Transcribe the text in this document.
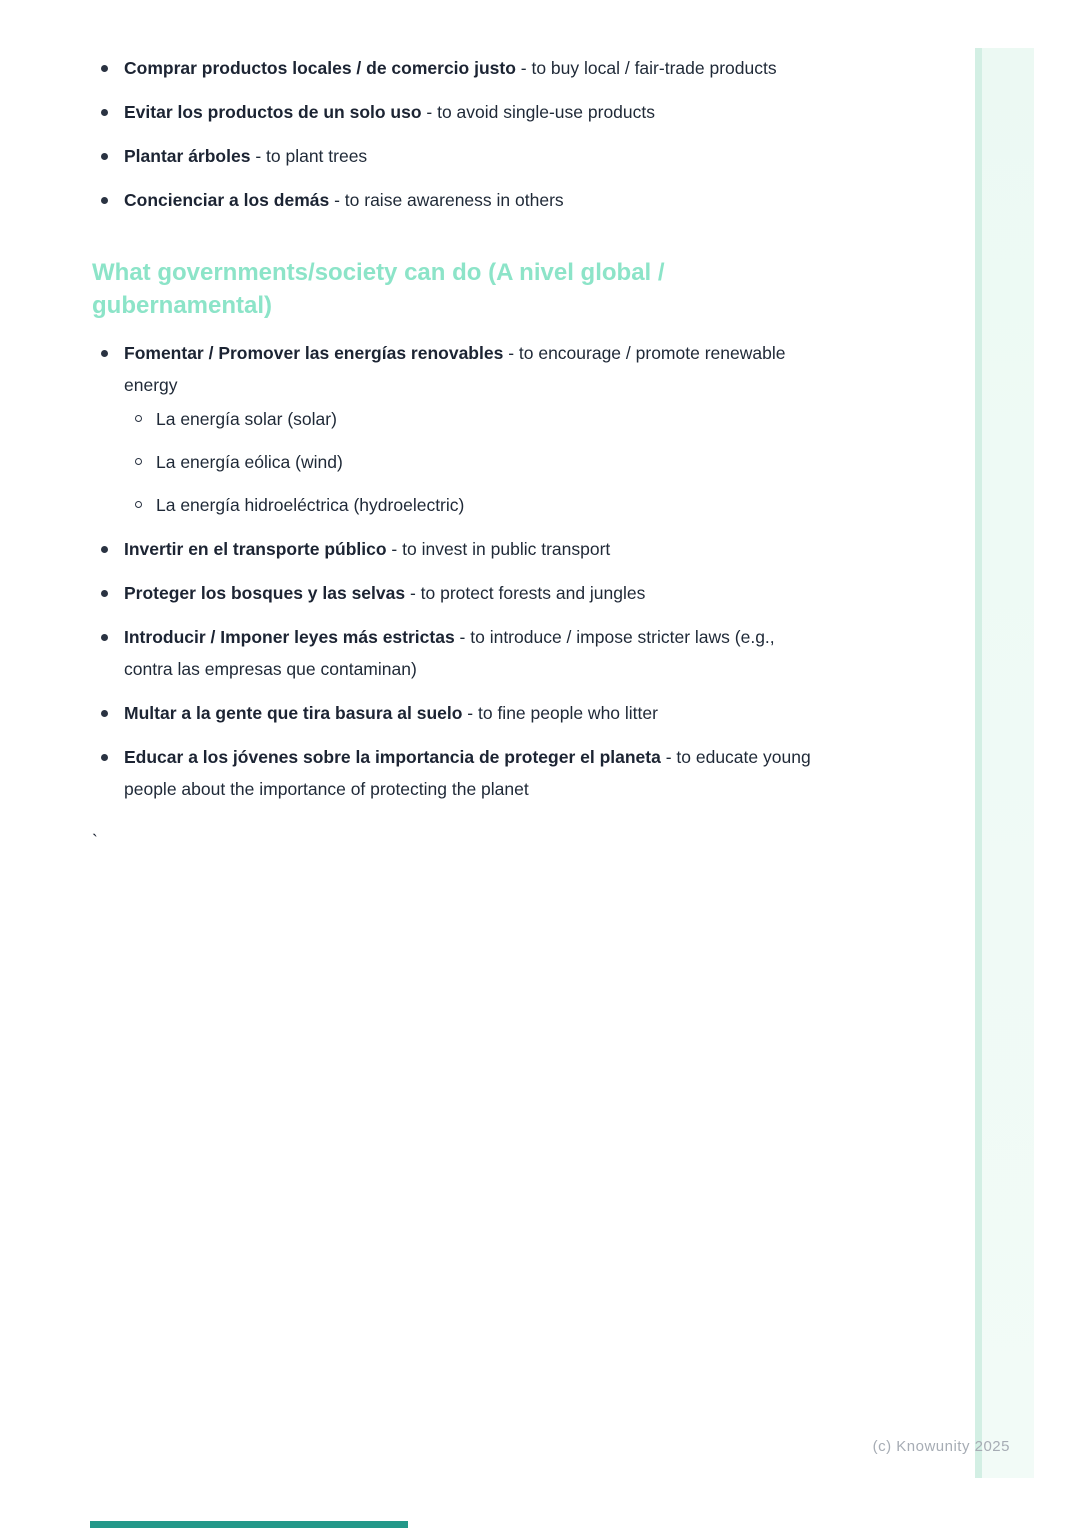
Comprar productos locales / de comercio justo - to buy local / fair-trade products
Evitar los productos de un solo uso - to avoid single-use products
Plantar árboles - to plant trees
Concienciar a los demás - to raise awareness in others
What governments/society can do (A nivel global / gubernamental)
Fomentar / Promover las energías renovables - to encourage / promote renewable energy
La energía solar (solar)
La energía eólica (wind)
La energía hidroeléctrica (hydroelectric)
Invertir en el transporte público - to invest in public transport
Proteger los bosques y las selvas - to protect forests and jungles
Introducir / Imponer leyes más estrictas - to introduce / impose stricter laws (e.g., contra las empresas que contaminan)
Multar a la gente que tira basura al suelo - to fine people who litter
Educar a los jóvenes sobre la importancia de proteger el planeta - to educate young people about the importance of protecting the planet
`
(c) Knowunity 2025
